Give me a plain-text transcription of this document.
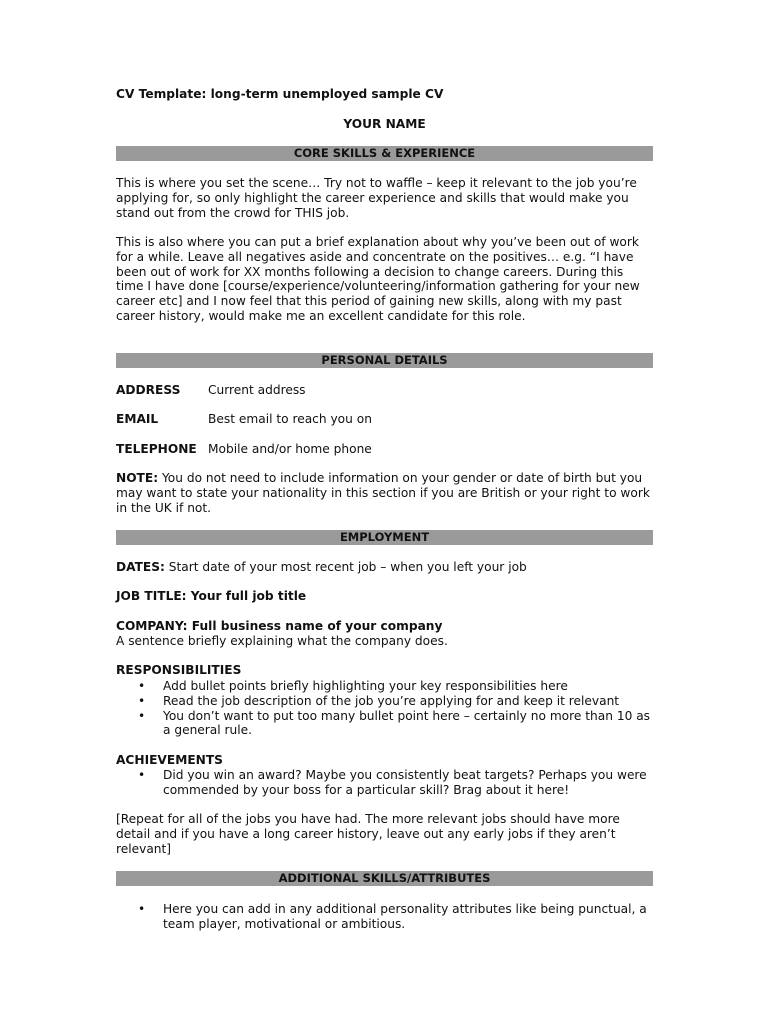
CV Template: long-term unemployed sample CV
YOUR NAME
CORE SKILLS & EXPERIENCE

This is where you set the scene… Try not to waffle – keep it relevant to the job you’re applying for, so only highlight the career experience and skills that would make you stand out from the crowd for THIS job.

This is also where you can put a brief explanation about why you’ve been out of work for a while. Leave all negatives aside and concentrate on the positives… e.g. “I have been out of work for XX months following a decision to change careers. During this time I have done [course/experience/volunteering/information gathering for your new career etc] and I now feel that this period of gaining new skills, along with my past career history, would make me an excellent candidate for this role.

PERSONAL DETAILS
ADDRESS Current address
EMAIL	Best email to reach you on
TELEPHONE Mobile and/or home phone

NOTE: You do not need to include information on your gender or date of birth but you may want to state your nationality in this section if you are British or your right to work in the UK if not.

EMPLOYMENT

DATES: Start date of your most recent job – when you left your job

JOB TITLE: Your full job title

COMPANY: Full business name of your company

A sentence briefly explaining what the company does.

RESPONSIBILITIES

• Add bullet points briefly highlighting your key responsibilities here
• Read the job description of the job you’re applying for and keep it relevant
• You don’t want to put too many bullet point here – certainly no more than 10 as a general rule.

ACHIEVEMENTS

• Did you win an award? Maybe you consistently beat targets? Perhaps you were commended by your boss for a particular skill? Brag about it here!

[Repeat for all of the jobs you have had. The more relevant jobs should have more detail and if you have a long career history, leave out any early jobs if they aren’t relevant]

ADDITIONAL SKILLS/ATTRIBUTES
• Here you can add in any additional personality attributes like being punctual, a team player, motivational or ambitious.
